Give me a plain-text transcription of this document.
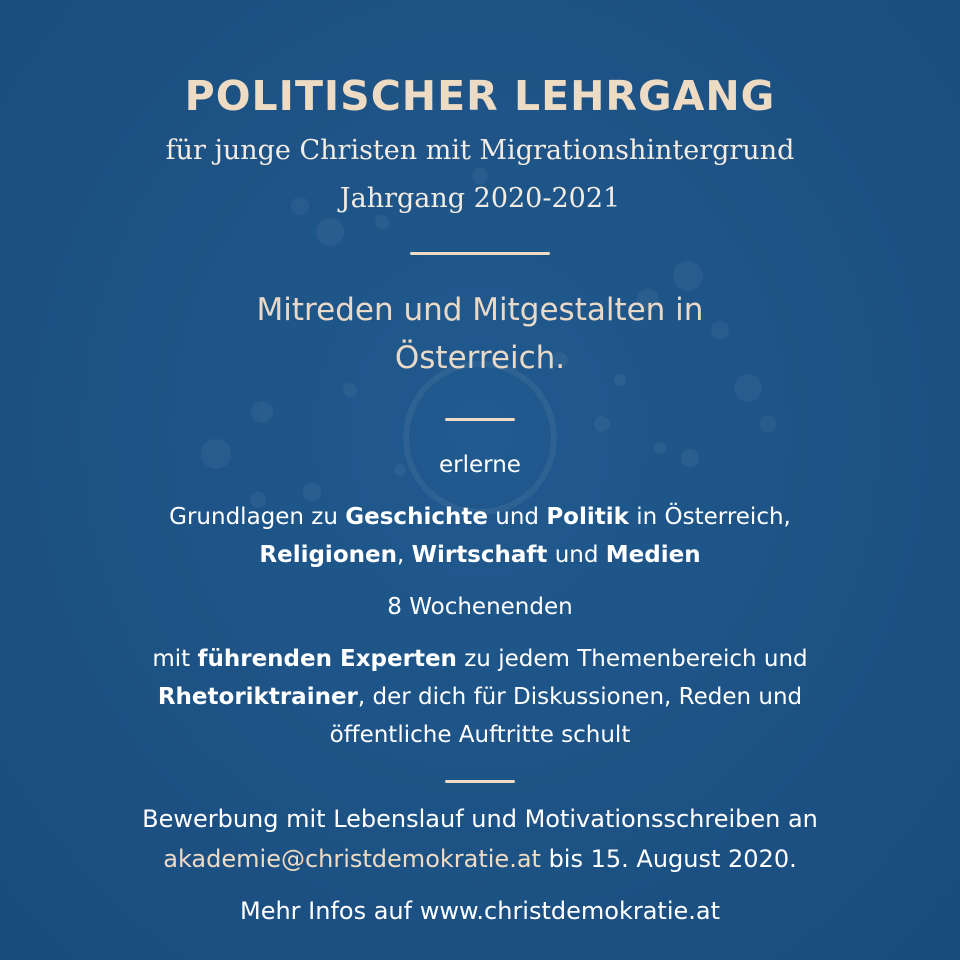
POLITISCHER LEHRGANG
für junge Christen mit Migrationshintergrund
Jahrgang 2020-2021
Mitreden und Mitgestalten in
Österreich.
erlerne
Grundlagen zu Geschichte und Politik in Österreich,
Religionen, Wirtschaft und Medien
8 Wochenenden
mit führenden Experten zu jedem Themenbereich und
Rhetoriktrainer, der dich für Diskussionen, Reden und
öffentliche Auftritte schult
Bewerbung mit Lebenslauf und Motivationsschreiben an
akademie@christdemokratie.at bis 15. August 2020.
Mehr Infos auf www.christdemokratie.at
